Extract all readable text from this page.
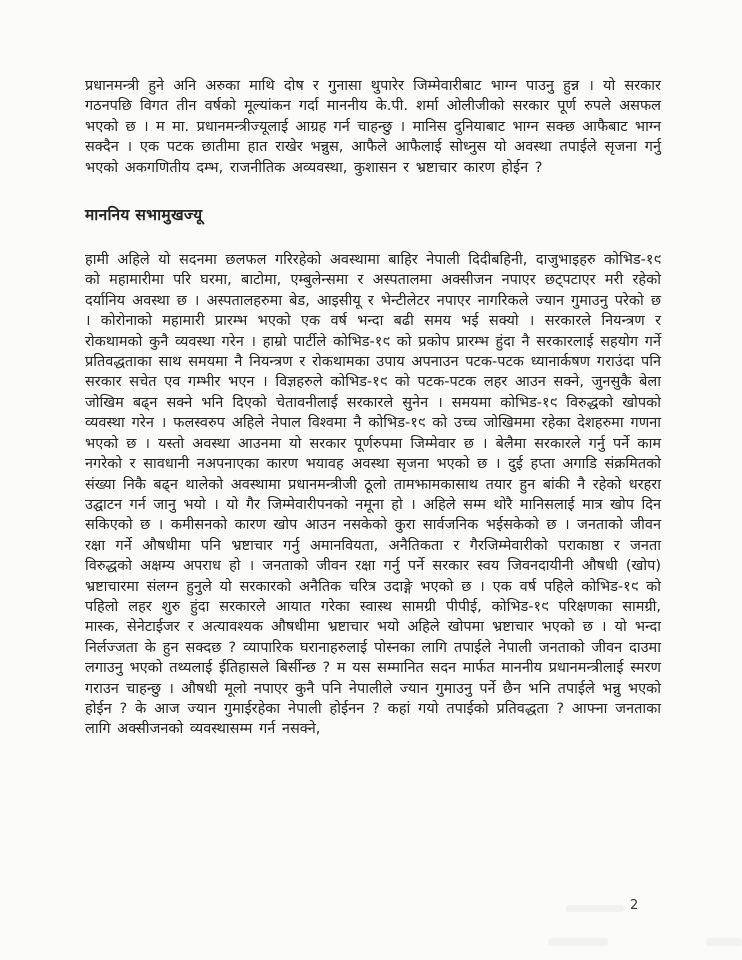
प्रधानमन्त्री हुने अनि अरुका माथि दोष र गुनासा थुपारेर जिम्मेवारीबाट भाग्न पाउनु हुन्न । यो सरकार गठनपछि विगत तीन वर्षको मूल्यांकन गर्दा माननीय के.पी. शर्मा ओलीजीको सरकार पूर्ण रुपले असफल भएको छ । म मा. प्रधानमन्त्रीज्यूलाई आग्रह गर्न चाहन्छु । मानिस दुनियाबाट भाग्न सक्छ आफैबाट भाग्न सक्दैन । एक पटक छातीमा हात राखेर भन्नुस, आफैले आफैलाई सोध्नुस यो अवस्था तपाईले सृजना गर्नु भएको अकगणितीय दम्भ, राजनीतिक अव्यवस्था, कुशासन र भ्रष्टाचार कारण होईन ?

माननिय सभामुखज्यू

हामी अहिले यो सदनमा छलफल गरिरहेको अवस्थामा बाहिर नेपाली दिदीबहिनी, दाजुभाइहरु कोभिड-१९ को महामारीमा परि घरमा, बाटोमा, एम्बुलेन्समा र अस्पतालमा अक्सीजन नपाएर छट्पटाएर मरी रहेको दर्यानिय अवस्था छ । अस्पतालहरुमा बेड, आइसीयू र भेन्टीलेटर नपाएर नागरिकले ज्यान गुमाउनु परेको छ । कोरोनाको महामारी प्रारम्भ भएको एक वर्ष भन्दा बढी समय भई सक्यो । सरकारले नियन्त्रण र रोकथामको कुनै व्यवस्था गरेन । हाम्रो पार्टीले कोभिड-१९ को प्रकोप प्रारम्भ हुंदा नै सरकारलाई सहयोग गर्ने प्रतिवद्धताका साथ समयमा नै नियन्त्रण र रोकथामका उपाय अपनाउन पटक-पटक ध्यानार्कषण गराउंदा पनि सरकार सचेत एव गम्भीर भएन । विज्ञहरुले कोभिड-१९ को पटक-पटक लहर आउन सक्ने, जुनसुकै बेला जोखिम बढ्न सक्ने भनि दिएको चेतावनीलाई सरकारले सुनेन । समयमा कोभिड-१९ विरुद्धको खोपको व्यवस्था गरेन । फलस्वरुप अहिले नेपाल विश्वमा नै कोभिड-१९ को उच्च जोखिममा रहेका देशहरुमा गणना भएको छ । यस्तो अवस्था आउनमा यो सरकार पूर्णरुपमा जिम्मेवार छ । बेलैमा सरकारले गर्नु पर्ने काम नगरेको र सावधानी नअपनाएका कारण भयावह अवस्था सृजना भएको छ । दुई हप्ता अगाडि संक्रमितको संख्या निकै बढ्न थालेको अवस्थामा प्रधानमन्त्रीजी ठूलो तामझामकासाथ तयार हुन बांकी नै रहेको धरहरा उद्घाटन गर्न जानु भयो । यो गैर जिम्मेवारीपनको नमूना हो । अहिले सम्म थोरै मानिसलाई मात्र खोप दिन सकिएको छ । कमीसनको कारण खोप आउन नसकेको कुरा सार्वजनिक भईसकेको छ । जनताको जीवन रक्षा गर्ने औषधीमा पनि भ्रष्टाचार गर्नु अमानवियता, अनैतिकता र गैरजिम्मेवारीको पराकाष्ठा र जनता विरुद्धको अक्षम्य अपराध हो । जनताको जीवन रक्षा गर्नु पर्ने सरकार स्वय जिवनदायीनी औषधी (खोप) भ्रष्टाचारमा संलग्न हुनुले यो सरकारको अनैतिक चरित्र उदाङ्गे भएको छ । एक वर्ष पहिले कोभिड-१९ को पहिलो लहर शुरु हुंदा सरकारले आयात गरेका स्वास्थ सामग्री पीपीई, कोभिड-१९ परिक्षणका सामग्री, मास्क, सेनेटाईजर र अत्यावश्यक औषधीमा भ्रष्टाचार भयो अहिले खोपमा भ्रष्टाचार भएको छ । यो भन्दा निर्लज्जता के हुन सक्दछ ? व्यापारिक घरानाहरुलाई पोस्नका लागि तपाईले नेपाली जनताको जीवन दाउमा लगाउनु भएको तथ्यलाई ईतिहासले बिर्सीन्छ ? म यस सम्मानित सदन मार्फत माननीय प्रधानमन्त्रीलाई स्मरण गराउन चाहन्छु । औषधी मूलो नपाएर कुनै पनि नेपालीले ज्यान गुमाउनु पर्ने छैन भनि तपाईले भन्नु भएको होईन ? के आज ज्यान गुमाईरहेका नेपाली होईनन ? कहां गयो तपाईको प्रतिवद्धता ? आफ्ना जनताका लागि अक्सीजनको व्यवस्थासम्म गर्न नसक्ने,

2
